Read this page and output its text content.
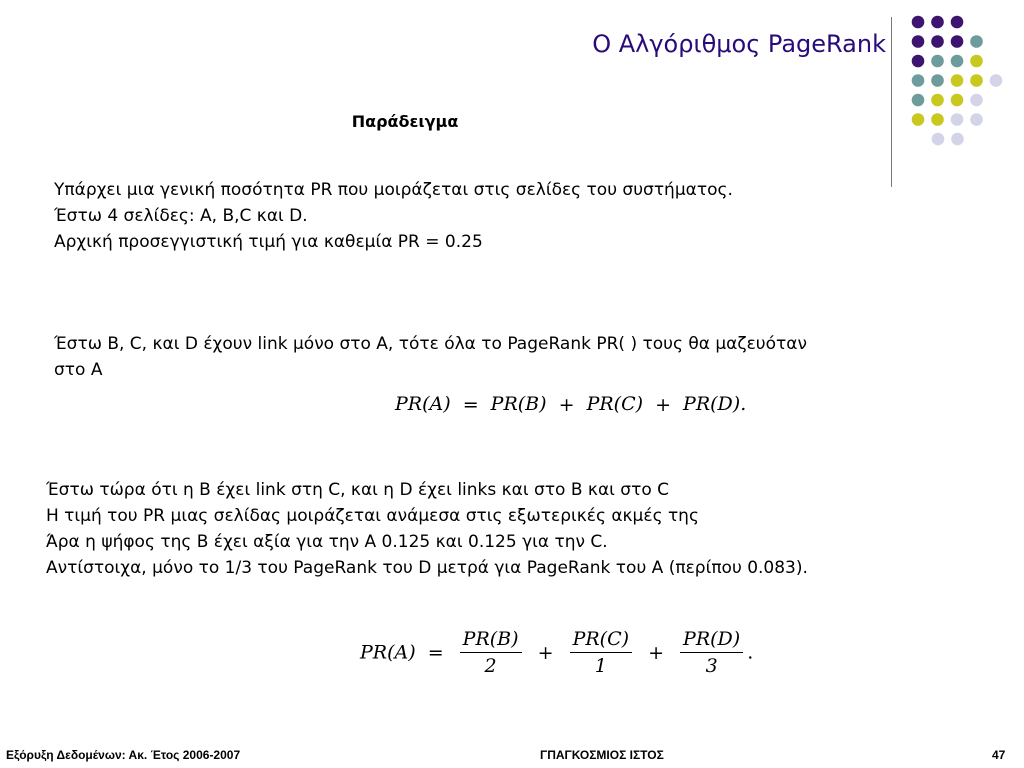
Ο Αλγόριθμος PageRank
Παράδειγμα
Υπάρχει μια γενική ποσότητα PR που μοιράζεται στις σελίδες του συστήματος.
Έστω 4 σελίδες: A, B,C και D.
Αρχική προσεγγιστική τιμή για καθεμία PR = 0.25
Έστω B, C, και D έχουν link μόνο στο A, τότε όλα το PageRank PR( ) τους θα μαζευόταν
στο A
PR(A) = PR(B) + PR(C) + PR(D).
Έστω τώρα ότι η B έχει link στη C, και η D έχει links και στο B και στο C
Η τιμή του PR μιας σελίδας μοιράζεται ανάμεσα στις εξωτερικές ακμές της
Άρα η ψήφος της B έχει αξία για την A 0.125 και 0.125 για την C.
Αντίστοιχα, μόνο το 1/3 του PageRank του D μετρά για PageRank του A (περίπου 0.083).
$PR(A) = \frac{PR(B)}{2} + \frac{PR(C)}{1} + \frac{PR(D)}{3}$ .
Εξόρυξη Δεδομένων: Ακ. Έτος 2006-2007	ΓΠΑΓΚΟΣΜΙΟΣ ΙΣΤΟΣ	47
